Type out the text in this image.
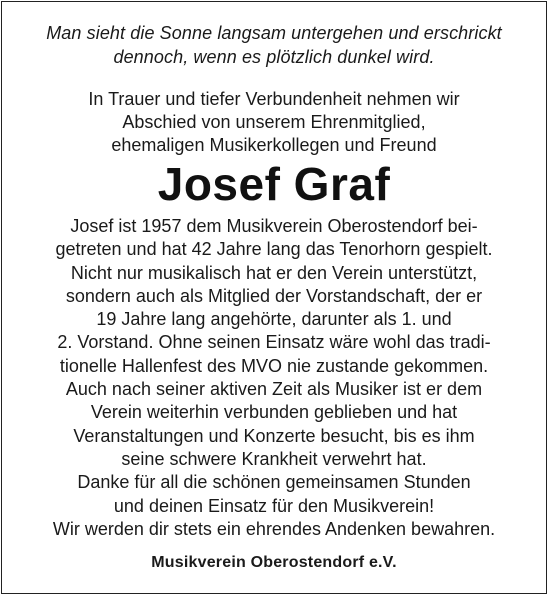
Man sieht die Sonne langsam untergehen und erschrickt
dennoch, wenn es plötzlich dunkel wird.
In Trauer und tiefer Verbundenheit nehmen wir
Abschied von unserem Ehrenmitglied,
ehemaligen Musikerkollegen und Freund
Josef Graf
Josef ist 1957 dem Musikverein Oberostendorf bei-
getreten und hat 42 Jahre lang das Tenorhorn gespielt.
Nicht nur musikalisch hat er den Verein unterstützt,
sondern auch als Mitglied der Vorstandschaft, der er
19 Jahre lang angehörte, darunter als 1. und
2. Vorstand. Ohne seinen Einsatz wäre wohl das tradi-
tionelle Hallenfest des MVO nie zustande gekommen.
Auch nach seiner aktiven Zeit als Musiker ist er dem
Verein weiterhin verbunden geblieben und hat
Veranstaltungen und Konzerte besucht, bis es ihm
seine schwere Krankheit verwehrt hat.
Danke für all die schönen gemeinsamen Stunden
und deinen Einsatz für den Musikverein!
Wir werden dir stets ein ehrendes Andenken bewahren.
Musikverein Oberostendorf e.V.
